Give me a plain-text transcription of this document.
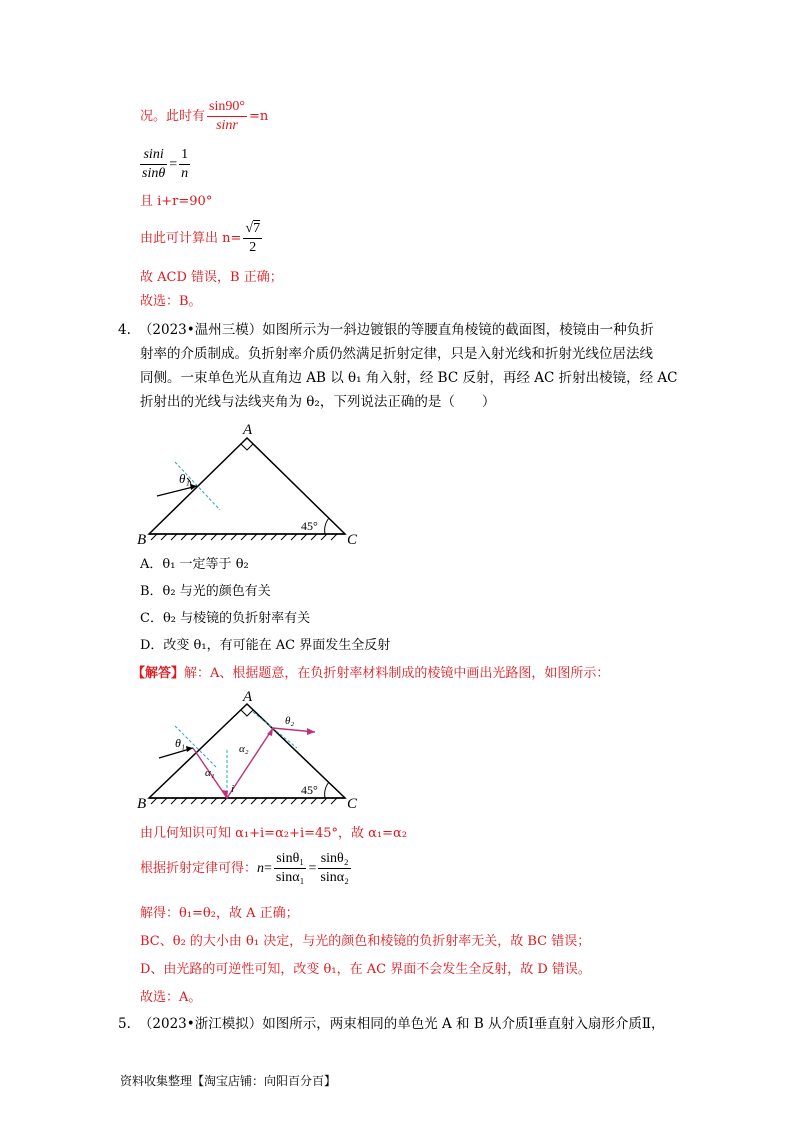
况。此时有 $\frac{\sin 90^\circ}{\sin r} =n$
$\frac{\sin i}{\sin\theta} = \frac{1}{n}$
且 i+r=90°
由此可计算出 $n= \frac{√7}{2}$
故 ACD 错误，B 正确；
故选：B。
4. （2023•温州三模）如图所示为一斜边镀银的等腰直角棱镜的截面图，棱镜由一种负折
射率的介质制成。负折射率介质仍然满足折射定律，只是入射光线和折射光线位居法线
同侧。一束单色光从直角边 AB 以 θ₁ 角入射，经 BC 反射，再经 AC 折射出棱镜，经 AC
折射出的光线与法线夹角为 θ₂，下列说法正确的是（　　）
θ₁
A
B	C
45°
A．θ₁ 一定等于 θ₂
B．θ₂ 与光的颜色有关
C．θ₂ 与棱镜的负折射率有关
D．改变 θ₁，有可能在 AC 界面发生全反射
【解答】解：A、根据题意，在负折射率材料制成的棱镜中画出光路图，如图所示：
θ₁
θ₂
α₁
α₂
i
A
B	C
45°
由几何知识可知 α₁+i=α₂+i=45°，故 α₁=α₂
根据折射定律可得：$n= \frac{\text{sinθ₁}}{\text{sinα₁}} = \frac{\text{sinθ₂}}{\text{sinα₂}}$
解得：θ₁=θ₂，故 A 正确；
BC、θ₂ 的大小由 θ₁ 决定，与光的颜色和棱镜的负折射率无关，故 BC 错误；
D、由光路的可逆性可知，改变 θ₁，在 AC 界面不会发生全反射，故 D 错误。
故选：A。
5. （2023•浙江模拟）如图所示，两束相同的单色光 A 和 B 从介质Ⅰ垂直射入扇形介质Ⅱ，
资料收集整理【淘宝店铺：向阳百分百】
